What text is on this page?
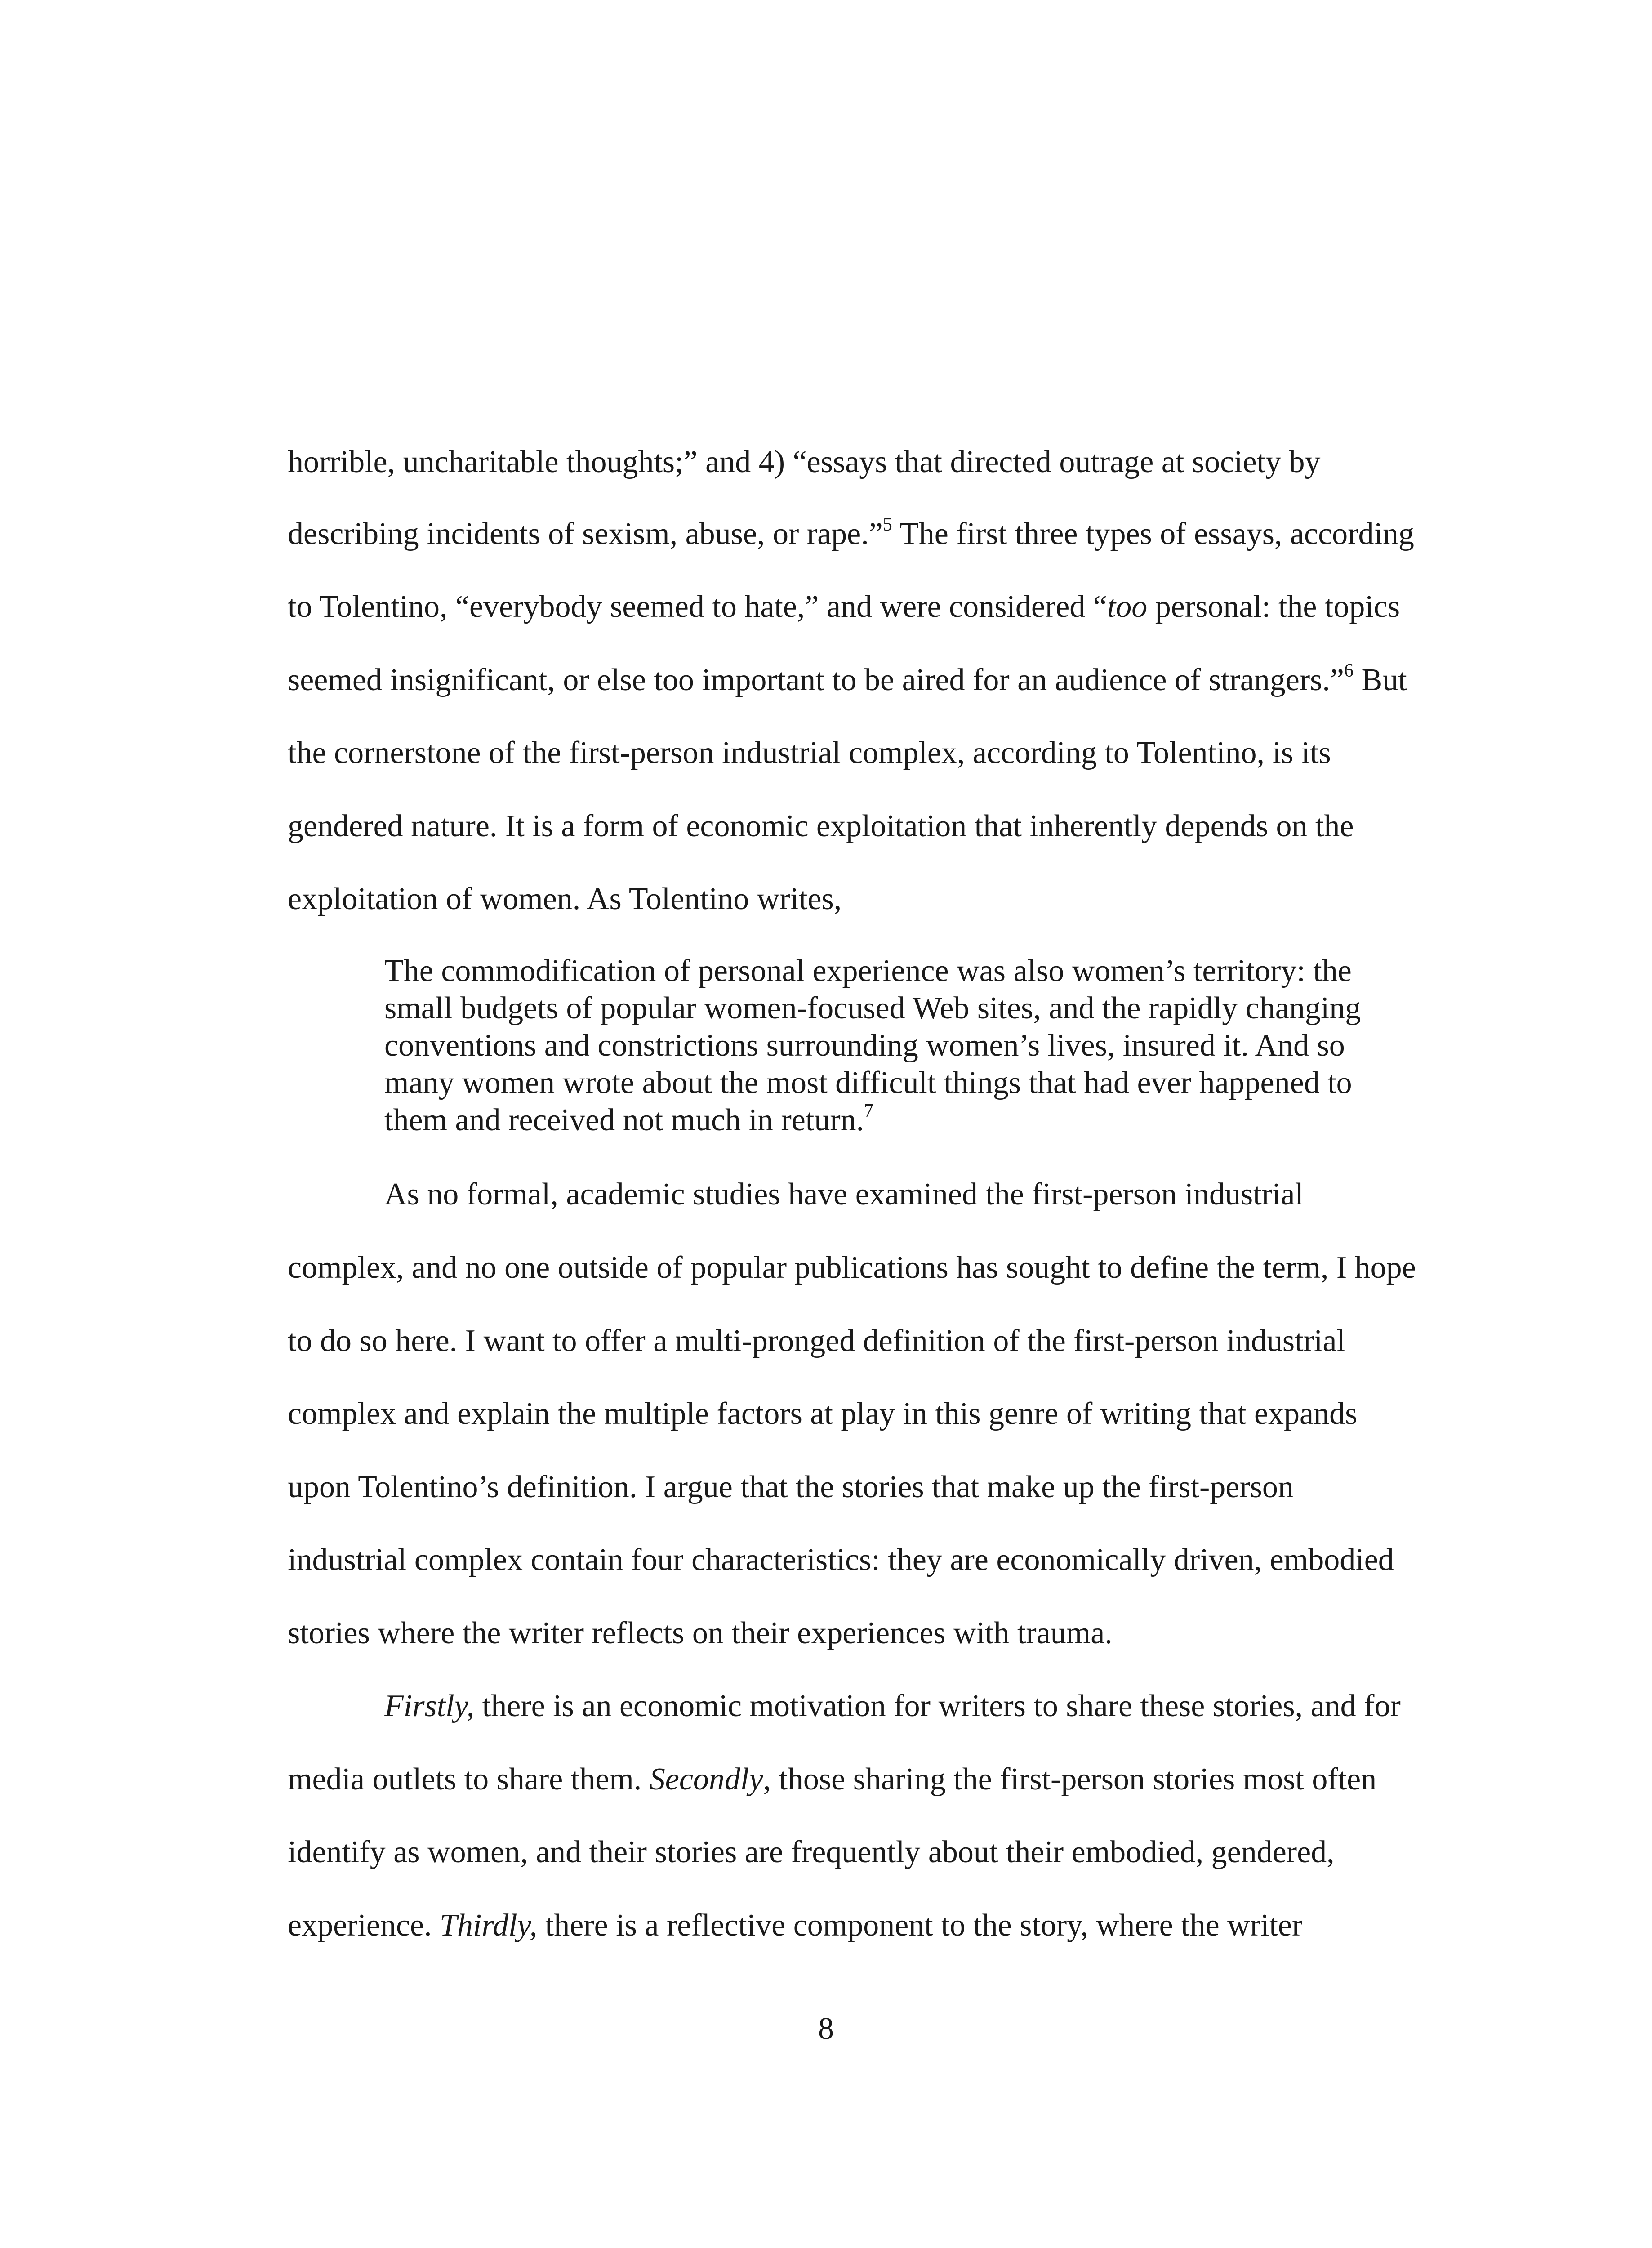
horrible, uncharitable thoughts;” and 4) “essays that directed outrage at society by

describing incidents of sexism, abuse, or rape.”$^5$ The first three types of essays, according

to Tolentino, “everybody seemed to hate,” and were considered “too personal: the topics

seemed insignificant, or else too important to be aired for an audience of strangers.”$^6$ But

the cornerstone of the first-person industrial complex, according to Tolentino, is its

gendered nature. It is a form of economic exploitation that inherently depends on the

exploitation of women. As Tolentino writes,

The commodification of personal experience was also women’s territory: the

small budgets of popular women-focused Web sites, and the rapidly changing

conventions and constrictions surrounding women’s lives, insured it. And so

many women wrote about the most difficult things that had ever happened to

them and received not much in return.$^7$

As no formal, academic studies have examined the first-person industrial

complex, and no one outside of popular publications has sought to define the term, I hope

to do so here. I want to offer a multi-pronged definition of the first-person industrial

complex and explain the multiple factors at play in this genre of writing that expands

upon Tolentino’s definition. I argue that the stories that make up the first-person

industrial complex contain four characteristics: they are economically driven, embodied

stories where the writer reflects on their experiences with trauma.

Firstly, there is an economic motivation for writers to share these stories, and for

media outlets to share them. Secondly, those sharing the first-person stories most often

identify as women, and their stories are frequently about their embodied, gendered,

experience. Thirdly, there is a reflective component to the story, where the writer

8
